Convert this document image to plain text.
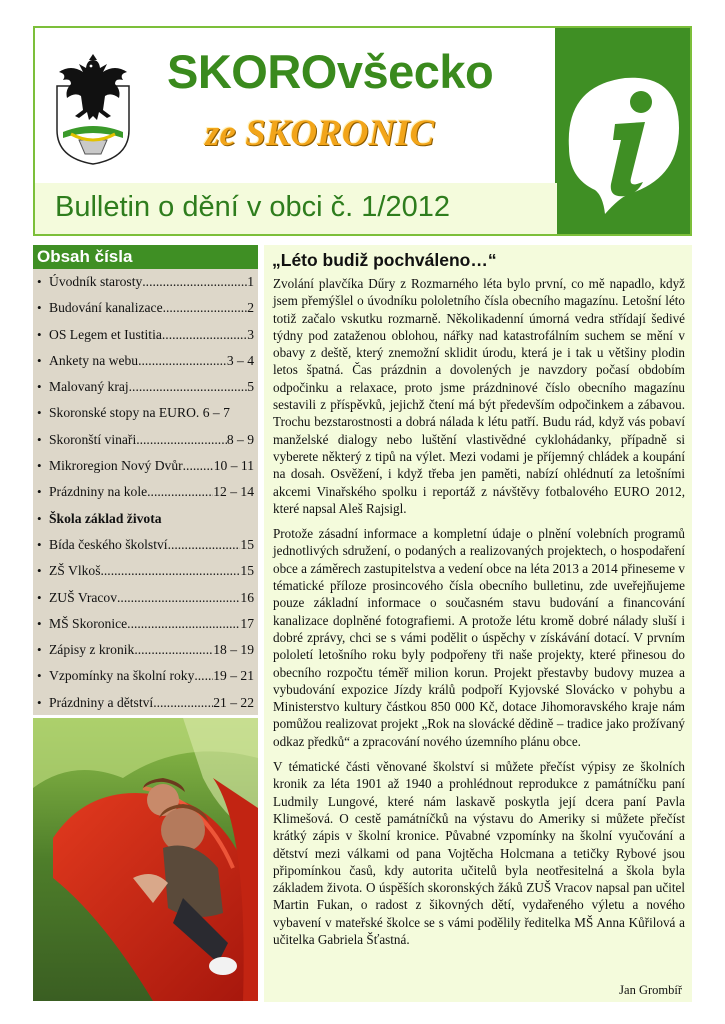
SKOROvšecko
ze SKORONIC
Bulletin o dění v obci č. 1/2012
Obsah čísla
• Úvodník starosty .....	1
• Budování kanalizace .....	2
• OS Legem et Iustitia .....	3
• Ankety na webu .....	3 – 4
• Malovaný kraj .....	5
• Skoronské stopy na EURO . 6 – 7
• Skoronští vinaři .....	8 – 9
• Mikroregion Nový Dvůr ..... 10 – 11
• Prázdniny na kole .....	12 – 14
• Škola základ života
• Bída českého školství .....	15
• ZŠ Vlkoš .....	15
• ZUŠ Vracov .....	16
• MŠ Skoronice .....	17
• Zápisy z kronik .....	18 – 19
• Vzpomínky na školní roky ..... 19 – 21
• Prázdniny a dětství .....	21 – 22
„Léto budiž pochváleno…“

Zvolání plavčíka Dűry z Rozmarného léta bylo první, co mě napadlo, když jsem přemýšlel o úvodníku pololetního čísla obecního magazínu. Letošní léto totiž začalo vskutku rozmarně. Několikadenní úmorná vedra střídají šedivé týdny pod zataženou oblohou, nářky nad katastrofálním suchem se mění v obavy z deště, který znemožní sklidit úrodu, která je i tak u většiny plodin letos špatná. Čas prázdnin a dovolených je navzdory počasí obdobím odpočinku a relaxace, proto jsme prázdninové číslo obecního magazínu sestavili z příspěvků, jejichž čtení má být především odpočinkem a zábavou. Trochu bezstarostnosti a dobrá nálada k létu patří. Budu rád, když vás pobaví manželské dialogy nebo luštění vlastivědné cyklohádanky, případně si vyberete některý z tipů na výlet. Mezi vodami je příjemný chládek a koupání na dosah. Osvěžení, i když třeba jen paměti, nabízí ohlédnutí za letošními akcemi Vinařského spolku i reportáž z návštěvy fotbalového EURO 2012, které napsal Aleš Rajsigl.

Protože zásadní informace a kompletní údaje o plnění volebních programů jednotlivých sdružení, o podaných a realizovaných projektech, o hospodaření obce a záměrech zastupitelstva a vedení obce na léta 2013 a 2014 přineseme v tématické příloze prosincového čísla obecního bulletinu, zde uveřejňujeme pouze základní informace o současném stavu budování a financování kanalizace doplněné fotografiemi. A protože létu kromě dobré nálady sluší i dobré zprávy, chci se s vámi podělit o úspěchy v získávání dotací. V prvním pololetí letošního roku byly podpořeny tři naše projekty, které přinesou do obecního rozpočtu téměř milion korun. Projekt přestavby budovy muzea a vybudování expozice Jízdy králů podpoří Kyjovské Slovácko v pohybu a Ministerstvo kultury částkou 850 000 Kč, dotace Jihomoravského kraje nám pomůžou realizovat projekt „Rok na slovácké dědině – tradice jako prožívaný odkaz předků“ a zpracování nového územního plánu obce.

V tématické části věnované školství si můžete přečíst výpisy ze školních kronik za léta 1901 až 1940 a prohlédnout reprodukce z památníčku paní Ludmily Lungové, které nám laskavě poskytla její dcera paní Pavla Klimešová. O cestě památníčků na výstavu do Ameriky si můžete přečíst krátký zápis v školní kronice. Půvabné vzpomínky na školní vyučování a dětství mezi válkami od pana Vojtěcha Holcmana a tetičky Rybové jsou připomínkou časů, kdy autorita učitelů byla neotřesitelná a škola byla základem života. O úspěších skoronských žáků ZUŠ Vracov napsal pan učitel Martin Fukan, o radost z šikovných dětí, vydařeného výletu a nového vybavení v mateřské školce se s vámi podělily ředitelka MŠ Anna Kůřilová a učitelka Gabriela Šťastná.

Jan Grombíř
